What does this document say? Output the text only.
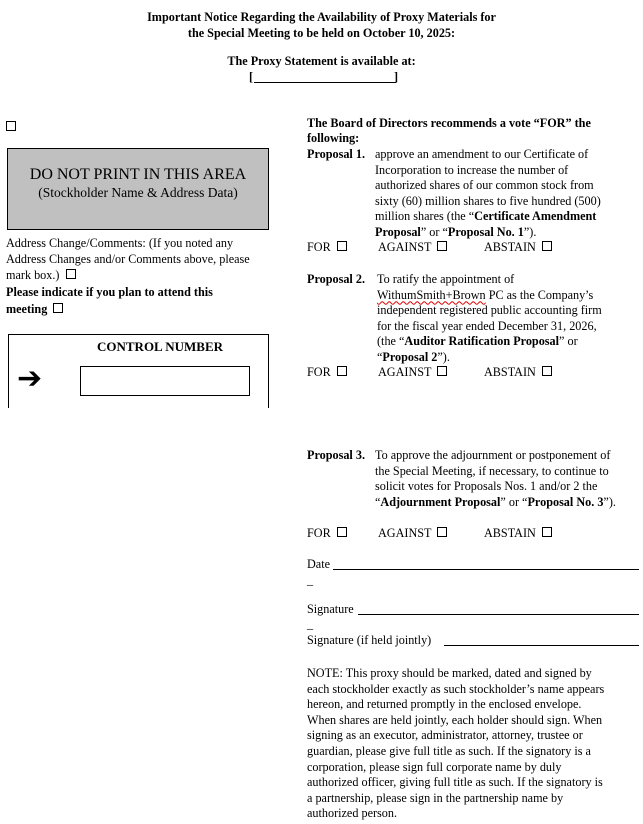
Important Notice Regarding the Availability of Proxy Materials for
the Special Meeting to be held on October 10, 2025:
The Proxy Statement is available at:
[	]
DO NOT PRINT IN THIS AREA
(Stockholder Name & Address Data)
Address Change/Comments: (If you noted any
Address Changes and/or Comments above, please
mark box.)
Please indicate if you plan to attend this
meeting
CONTROL NUMBER
➔
The Board of Directors recommends a vote “FOR” the
following:
Proposal 1. approve an amendment to our Certificate of
Incorporation to increase the number of
authorized shares of our common stock from
sixty (60) million shares to five hundred (500)
million shares (the “Certificate Amendment
Proposal” or “Proposal No. 1”).
FOR	AGAINST	ABSTAIN
Proposal 2. To ratify the appointment of
WithumSmith+Brown PC as the Company’s
independent registered public accounting firm
for the fiscal year ended December 31, 2026,
(the “Auditor Ratification Proposal” or
“Proposal 2”).
FOR	AGAINST	ABSTAIN
Proposal 3. To approve the adjournment or postponement of
the Special Meeting, if necessary, to continue to
solicit votes for Proposals Nos. 1 and/or 2 the
“Adjournment Proposal” or “Proposal No. 3”).
FOR	AGAINST	ABSTAIN
Date
_
Signature
_
Signature (if held jointly)
NOTE: This proxy should be marked, dated and signed by
each stockholder exactly as such stockholder’s name appears
hereon, and returned promptly in the enclosed envelope.
When shares are held jointly, each holder should sign. When
signing as an executor, administrator, attorney, trustee or
guardian, please give full title as such. If the signatory is a
corporation, please sign full corporate name by duly
authorized officer, giving full title as such. If the signatory is
a partnership, please sign in the partnership name by
authorized person.
